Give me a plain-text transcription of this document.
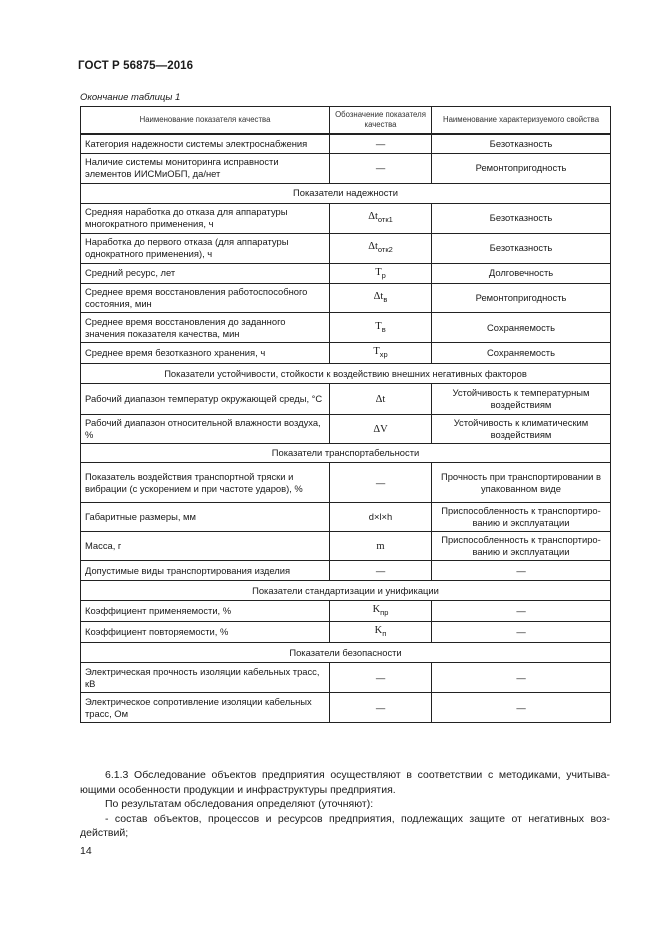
ГОСТ Р 56875—2016
Окончание таблицы 1
Наименование показателя качества	Обозначение показателя качества	Наименование характеризуемого свойства
Категория надежности системы электроснабжения	—	Безотказность
Наличие системы мониторинга исправности элементов ИИСМиОБП, да/нет	—	Ремонтопригодность
Показатели надежности		
Средняя наработка до отказа для аппаратуры многократного применения, ч	$\Delta t_{отк1}$	Безотказность
Наработка до первого отказа (для аппаратуры однократного применения), ч	$\Delta t_{отк2}$	Безотказность
Средний ресурс, лет	$T_р$	Долговечность
Среднее время восстановления работоспособного состояния, мин	$\Delta t_в$	Ремонтопригодность
Среднее время восстановления до заданного значения показателя качества, мин	$T_в$	Сохраняемость
Среднее время безотказного хранения, ч	$T_{хр}$	Сохраняемость
Показатели устойчивости, стойкости к воздействию внешних негативных факторов		
Рабочий диапазон температур окружающей среды, °C	Δt	Устойчивость к температурным воздействиям
Рабочий диапазон относительной влажности воздуха, %	ΔV	Устойчивость к климатическим воздействиям
Показатели транспортабельности		
Показатель воздействия транспортной тряски и вибрации (с ускорением и при частоте ударов), %	—	Прочность при транспортировании в упакованном виде
Габаритные размеры, мм	d×l×h	Приспособленность к транспортированию и эксплуатации
Масса, г	m	Приспособленность к транспортированию и эксплуатации
Допустимые виды транспортирования изделия	—	—
Показатели стандартизации и унификации		
Коэффициент применяемости, %	$K_{пр}$	—
Коэффициент повторяемости, %	$K_п$	—
Показатели безопасности		
Электрическая прочность изоляции кабельных трасс, кВ	—	—
Электрическое сопротивление изоляции кабельных трасс, Ом	—	—

6.1.3 Обследование объектов предприятия осуществляют в соответствии с методиками, учитывающими особенности продукции и инфраструктуры предприятия.

По результатам обследования определяют (уточняют):

- состав объектов, процессов и ресурсов предприятия, подлежащих защите от негативных воздействий;

14
